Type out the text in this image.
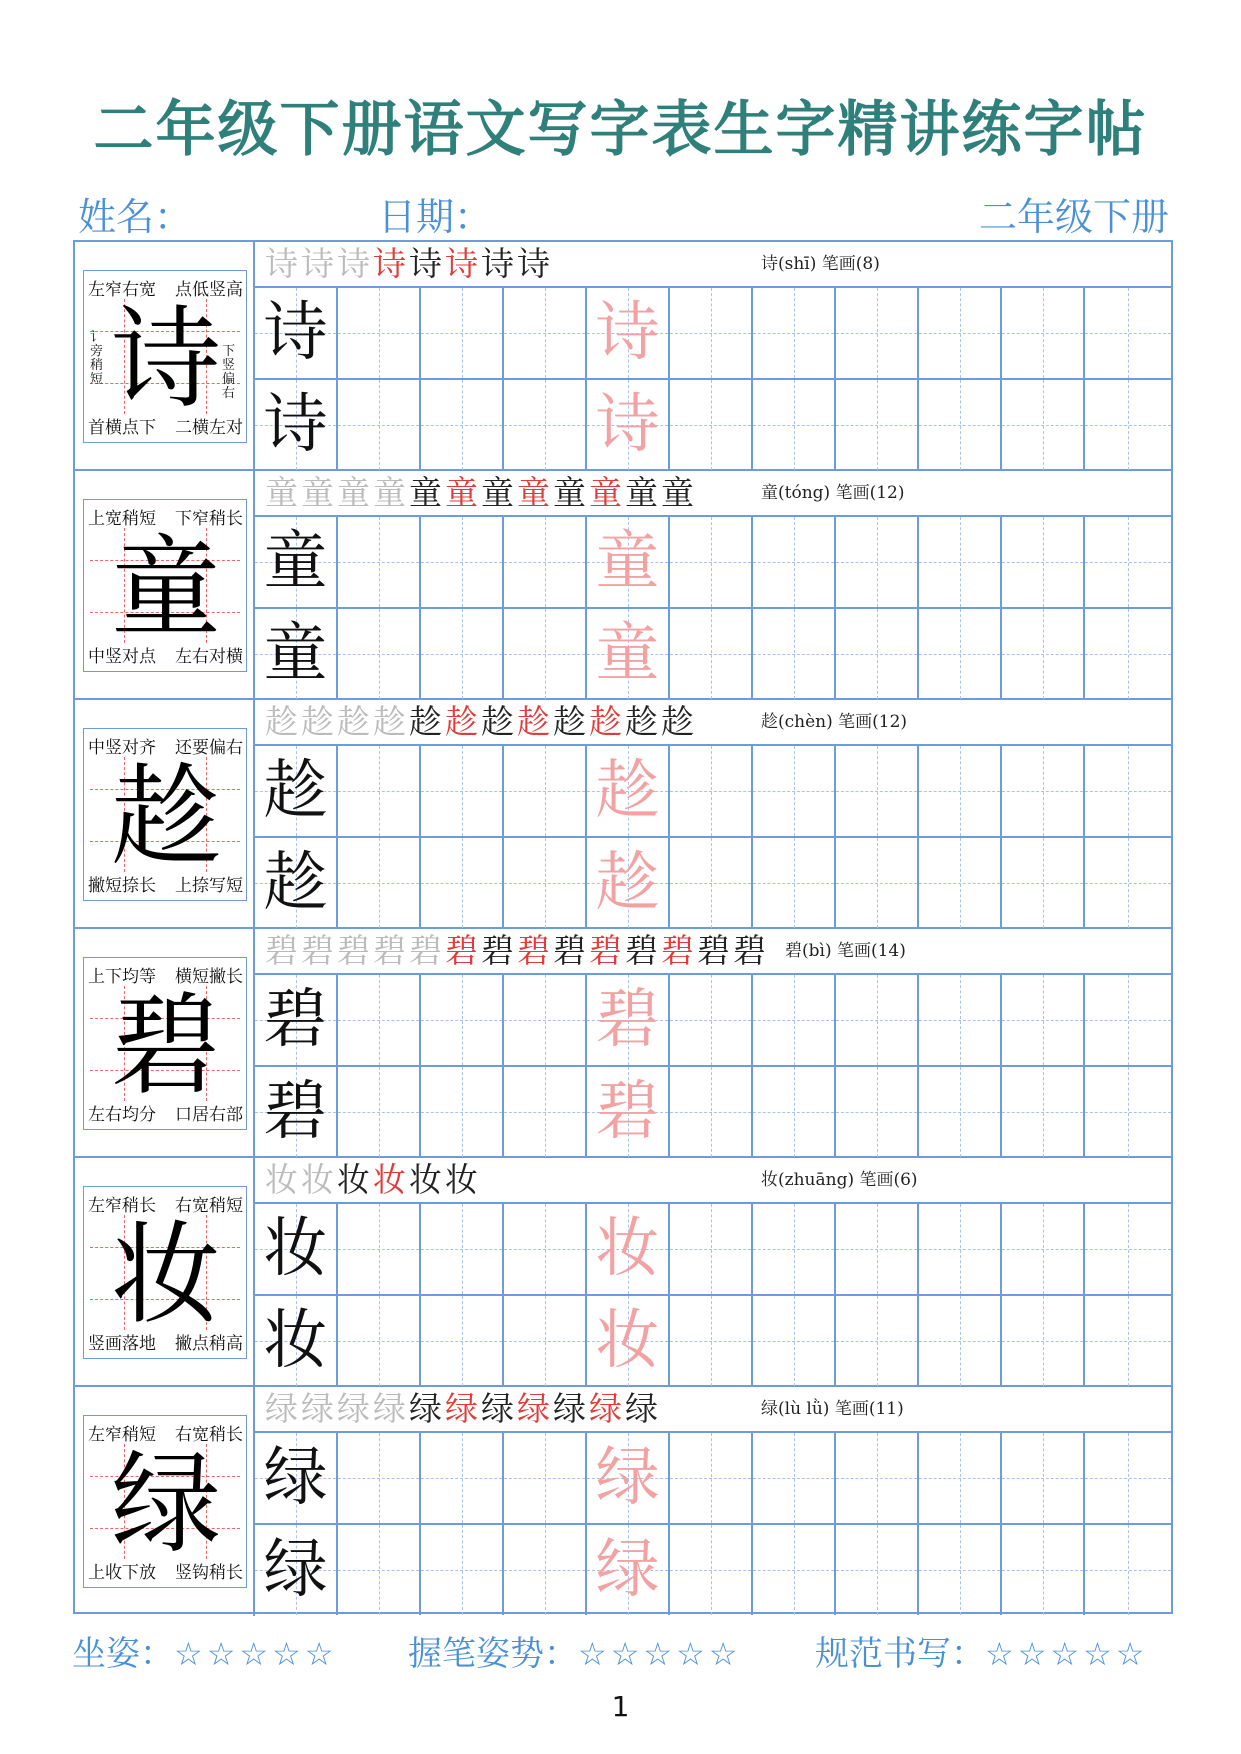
二年级下册语文写字表生字精讲练字帖
姓名：	日期：	二年级下册
诗
左窄右宽 点低竖高
首横点下 二横左对
讠旁稍短
下竖偏右
诗诗诗诗诗诗诗诗	诗(shī) 笔画(8)
诗	诗
诗	诗
童
上宽稍短 下窄稍长
中竖对点 左右对横
童童童童童童童童童童童童	童(tóng) 笔画(12)
童	童
童	童
趁
中竖对齐 还要偏右
撇短捺长 上捺写短
趁趁趁趁趁趁趁趁趁趁趁趁	趁(chèn) 笔画(12)
趁	趁
趁	趁
碧
上下均等 横短撇长
左右均分 口居右部
碧碧碧碧碧碧碧碧碧碧碧碧碧碧 碧(bì) 笔画(14)
碧	碧
碧	碧
妆
左窄稍长 右宽稍短
竖画落地 撇点稍高
妆妆妆妆妆妆	妆(zhuāng) 笔画(6)
妆	妆
妆	妆
绿
左窄稍短 右宽稍长
上收下放 竖钩稍长
绿绿绿绿绿绿绿绿绿绿绿	绿(lù lǜ) 笔画(11)
绿	绿
绿	绿
坐姿：☆☆☆☆☆ 握笔姿势：☆☆☆☆☆ 规范书写：☆☆☆☆☆
1
